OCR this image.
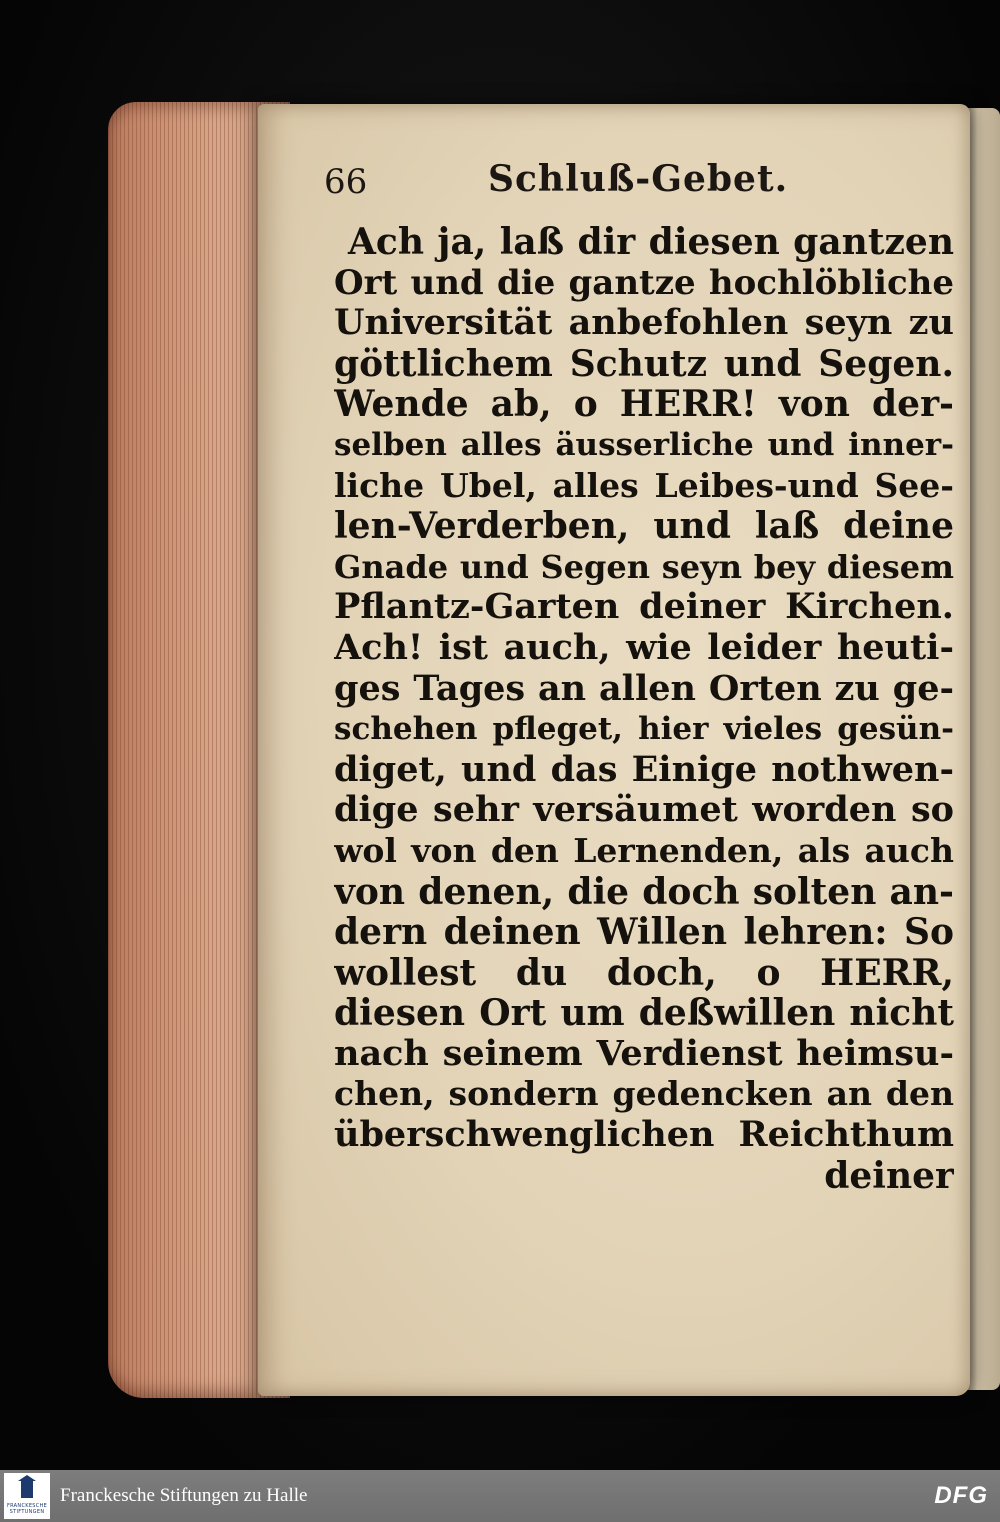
66	Schluß-Gebet.
Ach ja, laß dir diesen gantzen
Ort und die gantze hochlöbliche
Universität anbefohlen seyn zu
göttlichem Schutz und Segen.
Wende ab, o HERR! von der-
selben alles äusserliche und inner-
liche Ubel, alles Leibes-und See-
len-Verderben, und laß deine
Gnade und Segen seyn bey diesem
Pflantz-Garten deiner Kirchen.
Ach! ist auch, wie leider heuti-
ges Tages an allen Orten zu ge-
schehen pfleget, hier vieles gesün-
diget, und das Einige nothwen-
dige sehr versäumet worden so
wol von den Lernenden, als auch
von denen, die doch solten an-
dern deinen Willen lehren: So
wollest du doch, o HERR,
diesen Ort um deßwillen nicht
nach seinem Verdienst heimsu-
chen, sondern gedencken an den
überschwenglichen Reichthum
deiner
FRANCKESCHE STIFTUNGEN
Franckesche Stiftungen zu Halle	DFG
